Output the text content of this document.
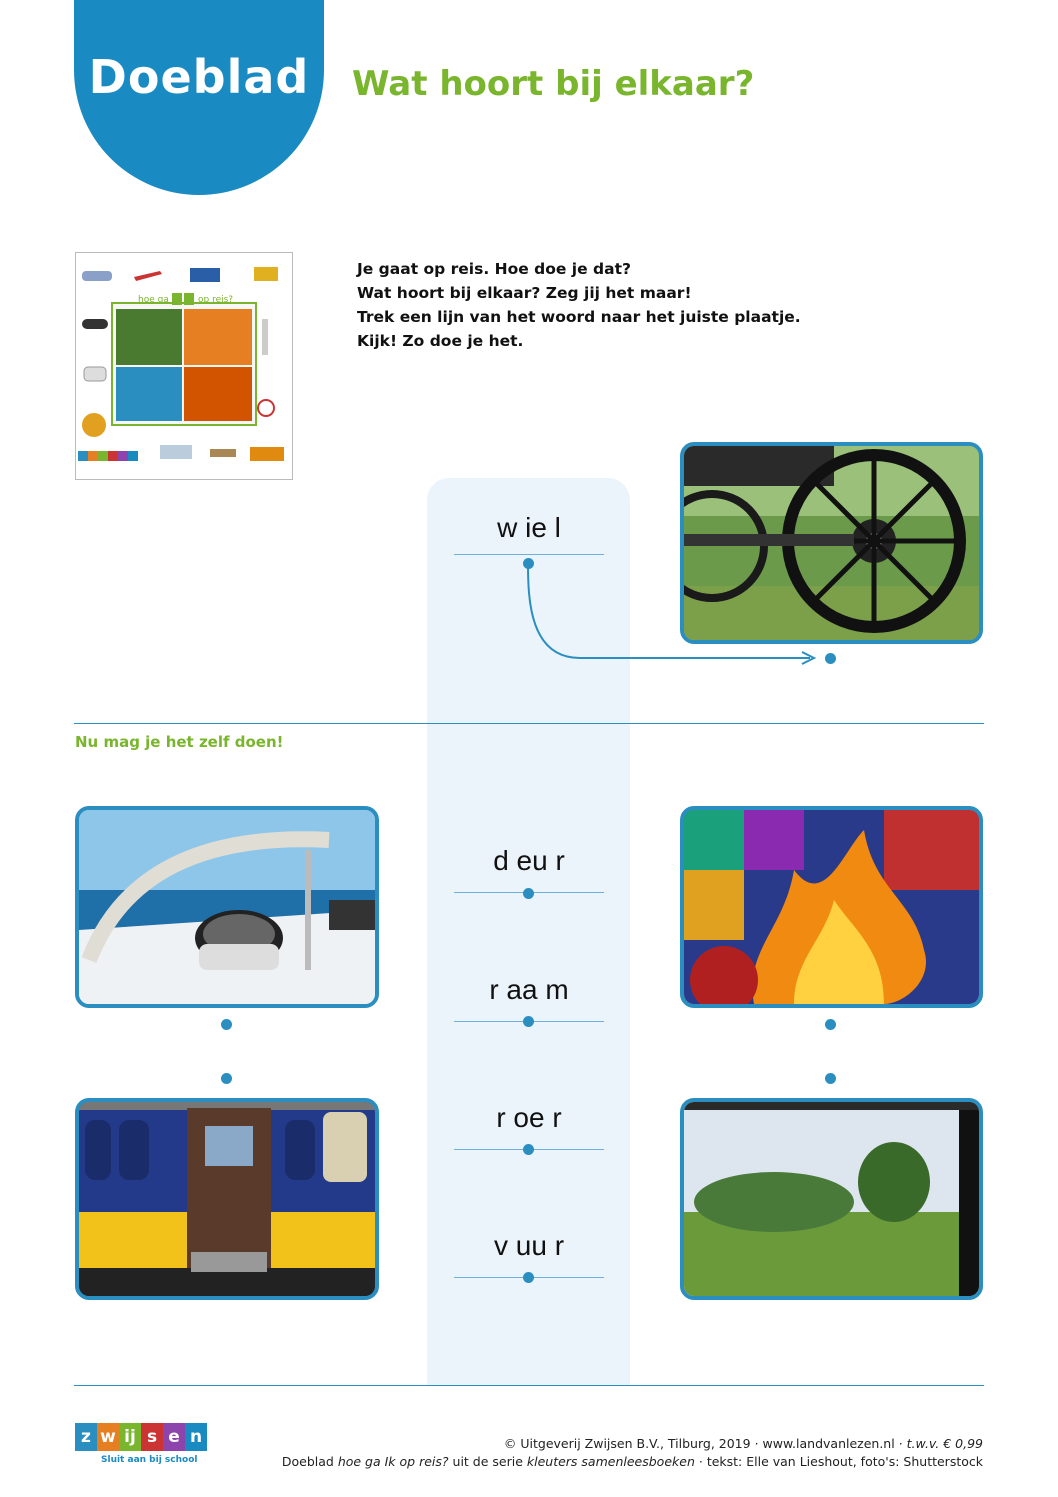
Doeblad	Wat hoort bij elkaar?
hoe ga	op reis?
Je gaat op reis. Hoe doe je dat?
Wat hoort bij elkaar? Zeg jij het maar!
Trek een lijn van het woord naar het juiste plaatje.
Kijk! Zo doe je het.
w ie l
Nu mag je het zelf doen!
d eu r
r aa m
r oe r
v uu r
z w ij s e n
Sluit aan bij school
© Uitgeverij Zwijsen B.V., Tilburg, 2019 · www.landvanlezen.nl · t.w.v. € 0,99
Doeblad hoe ga Ik op reis? uit de serie kleuters samenleesboeken · tekst: Elle van Lieshout, foto's: Shutterstock
